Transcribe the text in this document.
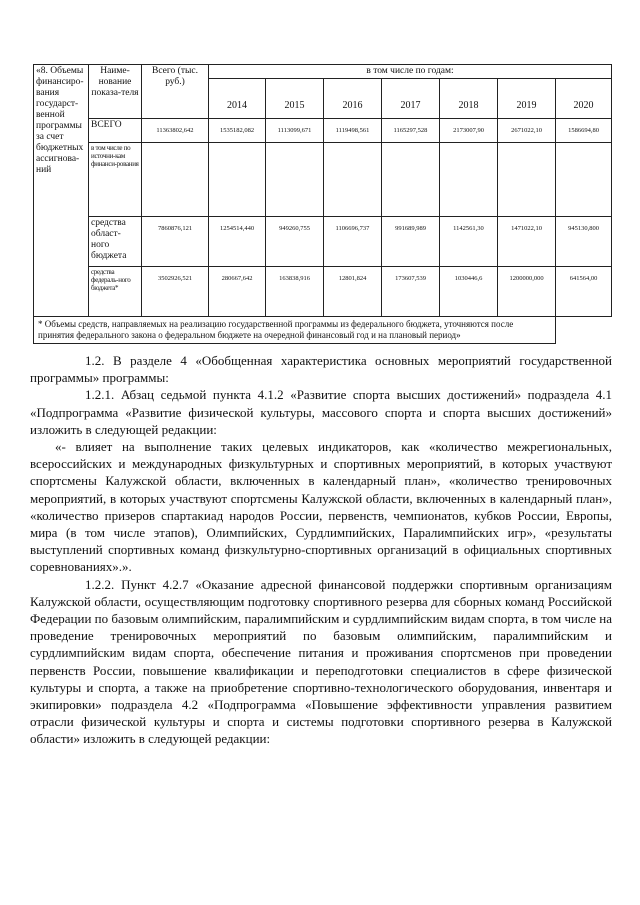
«8. Объемы финансиро-вания государст-венной программы за счет бюджетных ассигнова-ний	Наиме-нование показа-теля	Всего (тыс. руб.)	в том числе по годам:						
			2014	2015	2016	2017	2018	2019	2020
	ВСЕГО	11363802,642	1535182,082	1113099,671	1119498,561	1165297,528	2173007,90	2671022,10	1586694,80
	в том числе по источни-кам финанси-рования								
	средства област-ного бюджета	7860876,121	1254514,440	949260,755	1106696,737	991689,989	1142561,30	1471022,10	945130,800
	средства федераль-ного бюджета*	3502926,521	280667,642	163838,916	12801,824	173607,539	1030446,6	1200000,000	641564,00
* Объемы средств, направляемых на реализацию государственной программы из федерального бюджета, уточняются после принятия федерального закона о федеральном бюджете на очередной финансовый год и на плановый период»									

1.2. В разделе 4 «Обобщенная характеристика основных мероприятий государственной программы» программы:

1.2.1. Абзац седьмой пункта 4.1.2 «Развитие спорта высших достижений» подраздела 4.1 «Подпрограмма «Развитие физической культуры, массового спорта и спорта высших достижений» изложить в следующей редакции:

«- влияет на выполнение таких целевых индикаторов, как «количество межрегиональных, всероссийских и международных физкультурных и спортивных мероприятий, в которых участвуют спортсмены Калужской области, включенных в календарный план», «количество тренировочных мероприятий, в которых участвуют спортсмены Калужской области, включенных в календарный план», «количество призеров спартакиад народов России, первенств, чемпионатов, кубков России, Европы, мира (в том числе этапов), Олимпийских, Сурдлимпийских, Паралимпийских игр», «результаты выступлений спортивных команд физкультурно-спортивных организаций в официальных спортивных соревнованиях».».

1.2.2. Пункт 4.2.7 «Оказание адресной финансовой поддержки спортивным организациям Калужской области, осуществляющим подготовку спортивного резерва для сборных команд Российской Федерации по базовым олимпийским, паралимпийским и сурдлимпийским видам спорта, в том числе на проведение тренировочных мероприятий по базовым олимпийским, паралимпийским и сурдлимпийским видам спорта, обеспечение питания и проживания спортсменов при проведении первенств России, повышение квалификации и переподготовки специалистов в сфере физической культуры и спорта, а также на приобретение спортивно-технологического оборудования, инвентаря и экипировки» подраздела 4.2 «Подпрограмма «Повышение эффективности управления развитием отрасли физической культуры и спорта и системы подготовки спортивного резерва в Калужской области» изложить в следующей редакции:
